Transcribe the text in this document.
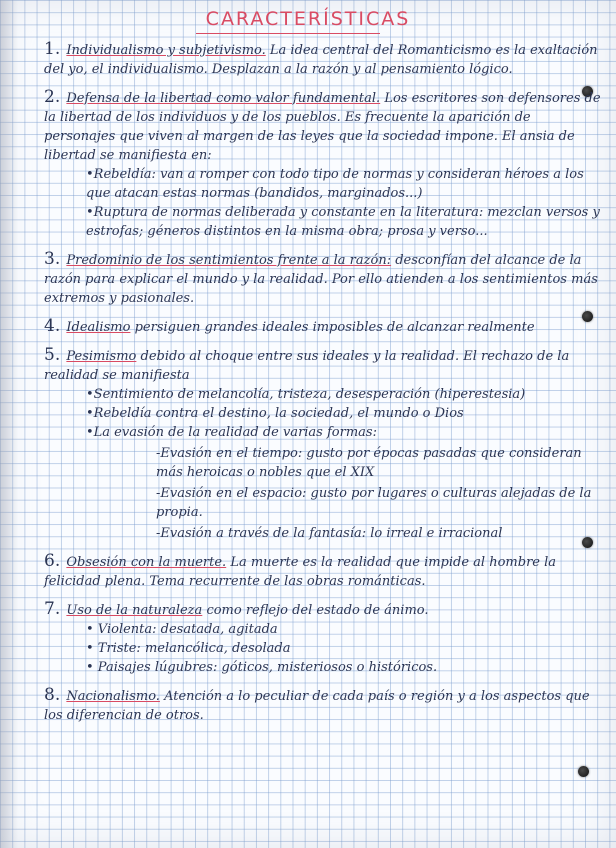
CARACTERÍSTICAS
1. Individualismo y subjetivismo. La idea central del Romanticismo es la exaltación del yo, el individualismo. Desplazan a la razón y al pensamiento lógico.
2. Defensa de la libertad como valor fundamental. Los escritores son defensores de la libertad de los individuos y de los pueblos. Es frecuente la aparición de personajes que viven al margen de las leyes que la sociedad impone. El ansia de libertad se manifiesta en:

•Rebeldía: van a romper con todo tipo de normas y consideran héroes a los que atacan estas normas (bandidos, marginados...)

•Ruptura de normas deliberada y constante en la literatura: mezclan versos y estrofas; géneros distintos en la misma obra; prosa y verso...

3. Predominio de los sentimientos frente a la razón: desconfían del alcance de la razón para explicar el mundo y la realidad. Por ello atienden a los sentimientos más extremos y pasionales.
4. Idealismo persiguen grandes ideales imposibles de alcanzar realmente
5. Pesimismo debido al choque entre sus ideales y la realidad. El rechazo de la realidad se manifiesta

•Sentimiento de melancolía, tristeza, desesperación (hiperestesia)

•Rebeldía contra el destino, la sociedad, el mundo o Dios

•La evasión de la realidad de varias formas:

-Evasión en el tiempo: gusto por épocas pasadas que consideran más heroicas o nobles que el XIX

-Evasión en el espacio: gusto por lugares o culturas alejadas de la propia.

-Evasión a través de la fantasía: lo irreal e irracional

6. Obsesión con la muerte. La muerte es la realidad que impide al hombre la felicidad plena. Tema recurrente de las obras románticas.
7. Uso de la naturaleza como reflejo del estado de ánimo.

• Violenta: desatada, agitada

• Triste: melancólica, desolada

• Paisajes lúgubres: góticos, misteriosos o históricos.

8. Nacionalismo. Atención a lo peculiar de cada país o región y a los aspectos que los diferencian de otros.
